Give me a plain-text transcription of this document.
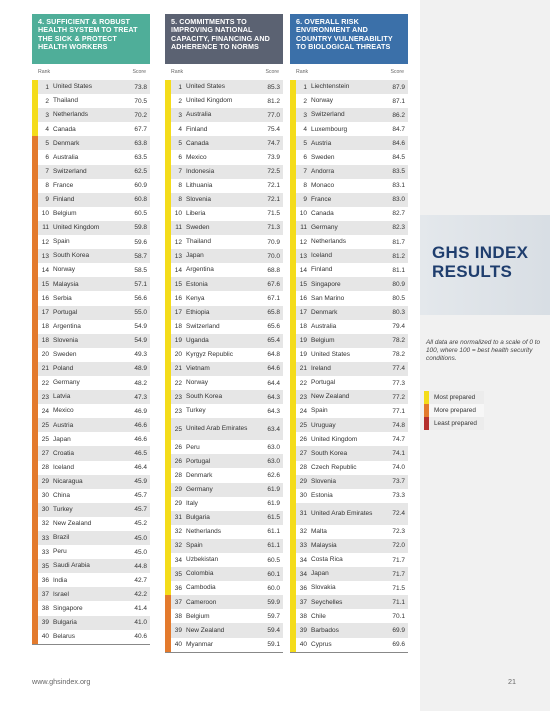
GHS INDEX
RESULTS
All data are normalized to a scale of 0 to 100, where 100 = best health security conditions.
Most prepared
More prepared
Least prepared
4. SUFFICIENT & ROBUST HEALTH SYSTEM TO TREAT THE SICK & PROTECT HEALTH WORKERS
Rank	Score
1 United States	73.8
2 Thailand	70.5
3 Netherlands	70.2
4 Canada	67.7
5 Denmark	63.8
6 Australia	63.5
7 Switzerland	62.5
8 France	60.9
9 Finland	60.8
10 Belgium	60.5
11 United Kingdom	59.8
12 Spain	59.6
13 South Korea	58.7
14 Norway	58.5
15 Malaysia	57.1
16 Serbia	56.6
17 Portugal	55.0
18 Argentina	54.9
18 Slovenia	54.9
20 Sweden	49.3
21 Poland	48.9
22 Germany	48.2
23 Latvia	47.3
24 Mexico	46.9
25 Austria	46.6
25 Japan	46.6
27 Croatia	46.5
28 Iceland	46.4
29 Nicaragua	45.9
30 China	45.7
30 Turkey	45.7
32 New Zealand	45.2
33 Brazil	45.0
33 Peru	45.0
35 Saudi Arabia	44.8
36 India	42.7
37 Israel	42.2
38 Singapore	41.4
39 Bulgaria	41.0
40 Belarus	40.6
5. COMMITMENTS TO IMPROVING NATIONAL CAPACITY, FINANCING AND ADHERENCE TO NORMS
Rank	Score
1 United States	85.3
2 United Kingdom	81.2
3 Australia	77.0
4 Finland	75.4
5 Canada	74.7
6 Mexico	73.9
7 Indonesia	72.5
8 Lithuania	72.1
8 Slovenia	72.1
10 Liberia	71.5
11 Sweden	71.3
12 Thailand	70.9
13 Japan	70.0
14 Argentina	68.8
15 Estonia	67.6
16 Kenya	67.1
17 Ethiopia	65.8
18 Switzerland	65.6
19 Uganda	65.4
20 Kyrgyz Republic	64.8
21 Vietnam	64.6
22 Norway	64.4
23 South Korea	64.3
23 Turkey	64.3
25 United Arab Emirates	63.4
26 Peru	63.0
26 Portugal	63.0
28 Denmark	62.6
29 Germany	61.9
29 Italy	61.9
31 Bulgaria	61.5
32 Netherlands	61.1
32 Spain	61.1
34 Uzbekistan	60.5
35 Colombia	60.1
36 Cambodia	60.0
37 Cameroon	59.9
38 Belgium	59.7
39 New Zealand	59.4
40 Myanmar	59.1
6. OVERALL RISK ENVIRONMENT AND COUNTRY VULNERABILITY TO BIOLOGICAL THREATS
Rank	Score
1 Liechtenstein	87.9
2 Norway	87.1
3 Switzerland	86.2
4 Luxembourg	84.7
5 Austria	84.6
6 Sweden	84.5
7 Andorra	83.5
8 Monaco	83.1
9 France	83.0
10 Canada	82.7
11 Germany	82.3
12 Netherlands	81.7
13 Iceland	81.2
14 Finland	81.1
15 Singapore	80.9
16 San Marino	80.5
17 Denmark	80.3
18 Australia	79.4
19 Belgium	78.2
19 United States	78.2
21 Ireland	77.4
22 Portugal	77.3
23 New Zealand	77.2
24 Spain	77.1
25 Uruguay	74.8
26 United Kingdom	74.7
27 South Korea	74.1
28 Czech Republic	74.0
29 Slovenia	73.7
30 Estonia	73.3
31 United Arab Emirates	72.4
32 Malta	72.3
33 Malaysia	72.0
34 Costa Rica	71.7
34 Japan	71.7
36 Slovakia	71.5
37 Seychelles	71.1
38 Chile	70.1
39 Barbados	69.9
40 Cyprus	69.6
www.ghsindex.org	21
